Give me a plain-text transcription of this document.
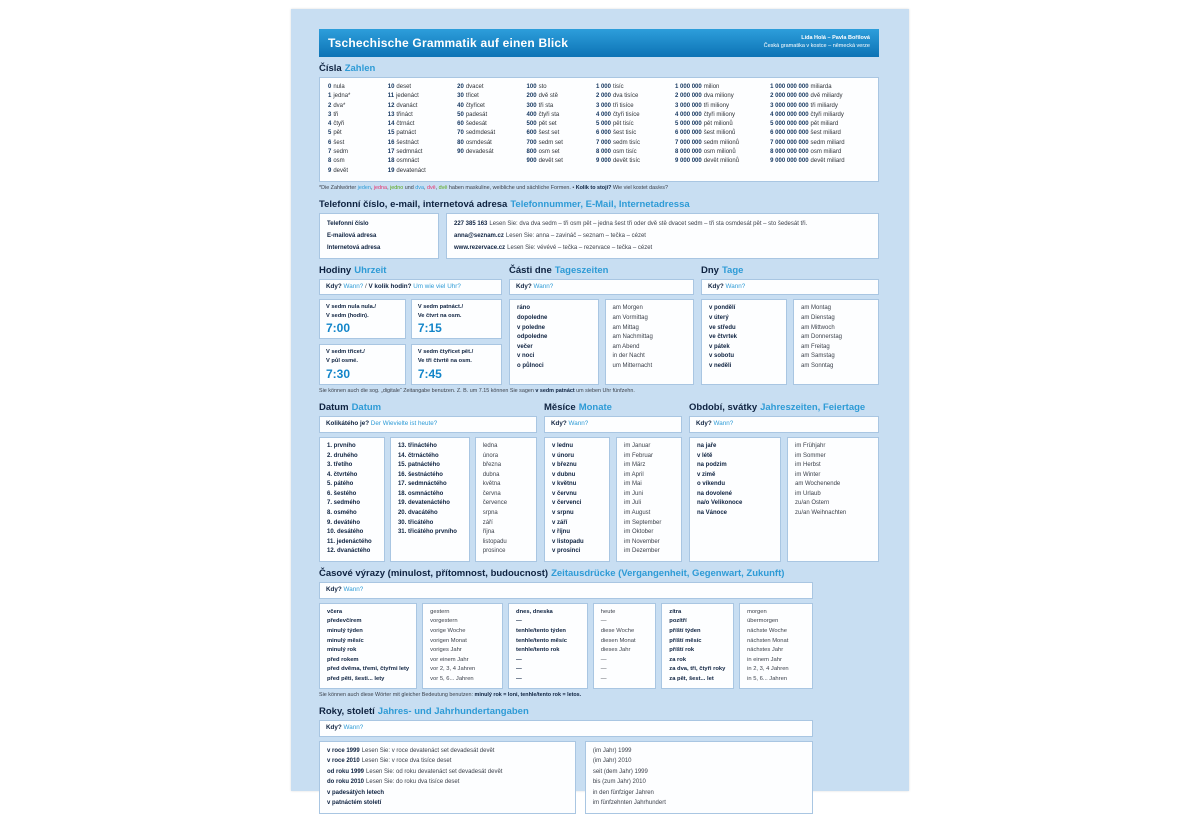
Tschechische Grammatik auf einen Blick	Lída Holá – Pavla Bořilová
Česká gramatika v kostce – německá verze
Čísla Zahlen
0 nula
1 jedna*
2 dva*
3 tři
4 čtyři
5 pět
6 šest
7 sedm
8 osm
9 devět
10 deset
11 jedenáct
12 dvanáct
13 třináct
14 čtrnáct
15 patnáct
16 šestnáct
17 sedmnáct
18 osmnáct
19 devatenáct
20 dvacet
30 třicet
40 čtyřicet
50 padesát
60 šedesát
70 sedmdesát
80 osmdesát
90 devadesát
100 sto
200 dvě stě
300 tři sta
400 čtyři sta
500 pět set
600 šest set
700 sedm set
800 osm set
900 devět set
1 000 tisíc
2 000 dva tisíce
3 000 tři tisíce
4 000 čtyři tisíce
5 000 pět tisíc
6 000 šest tisíc
7 000 sedm tisíc
8 000 osm tisíc
9 000 devět tisíc
1 000 000 milion
2 000 000 dva miliony
3 000 000 tři miliony
4 000 000 čtyři miliony
5 000 000 pět milionů
6 000 000 šest milionů
7 000 000 sedm milionů
8 000 000 osm milionů
9 000 000 devět milionů
1 000 000 000 miliarda
2 000 000 000 dvě miliardy
3 000 000 000 tři miliardy
4 000 000 000 čtyři miliardy
5 000 000 000 pět miliard
6 000 000 000 šest miliard
7 000 000 000 sedm miliard
8 000 000 000 osm miliard
9 000 000 000 devět miliard
*Die Zahlwörter jeden, jedna, jedno und dva, dvě, dvě haben maskuline, weibliche und sächliche Formen. • Kolik to stojí? Wie viel kostet das/es?
Telefonní číslo, e-mail, internetová adresa Telefonnummer, E-Mail, Internetadressa
Telefonní číslo
E-mailová adresa
Internetová adresa
227 385 163 Lesen Sie: dva dva sedm – tři osm pět – jedna šest tři oder dvě stě dvacet sedm – tři sta osmdesát pět – sto šedesát tři.
anna@seznam.cz Lesen Sie: anna – zavináč – seznam – tečka – cézet
www.rezervace.cz Lesen Sie: vévévé – tečka – rezervace – tečka – cézet
Hodiny Uhrzeit
Kdy? Wann? / V kolik hodin? Um wie viel Uhr?
V sedm nula nula./
V sedm (hodin).
7:00
V sedm patnáct./
Ve čtvrt na osm.
7:15
V sedm třicet./
V půl osmé.
7:30
V sedm čtyřicet pět./
Ve tři čtvrtě na osm.
7:45
Části dne Tageszeiten
Kdy? Wann?
ráno
dopoledne
v poledne
odpoledne
večer
v noci
o půlnoci
am Morgen
am Vormittag
am Mittag
am Nachmittag
am Abend
in der Nacht
um Mitternacht
Dny Tage
Kdy? Wann?
v pondělí
v úterý
ve středu
ve čtvrtek
v pátek
v sobotu
v neděli
am Montag
am Dienstag
am Mittwoch
am Donnerstag
am Freitag
am Samstag
am Sonntag
Sie können auch die sog. „digitale“ Zeitangabe benutzen. Z. B. um 7.15 können Sie sagen v sedm patnáct um sieben Uhr fünfzehn.
Datum Datum
Kolikátého je? Der Wievielte ist heute?
1. prvního
2. druhého
3. třetího
4. čtvrtého
5. pátého
6. šestého
7. sedmého
8. osmého
9. devátého
10. desátého
11. jedenáctého
12. dvanáctého
13. třináctého
14. čtrnáctého
15. patnáctého
16. šestnáctého
17. sedmnáctého
18. osmnáctého
19. devatenáctého
20. dvacátého
30. třicátého
31. třicátého prvního
ledna
února
března
dubna
května
června
července
srpna
září
října
listopadu
prosince
Měsíce Monate
Kdy? Wann?
v lednu
v únoru
v březnu
v dubnu
v květnu
v červnu
v červenci
v srpnu
v září
v říjnu
v listopadu
v prosinci
im Januar
im Februar
im März
im April
im Mai
im Juni
im Juli
im August
im September
im Oktober
im November
im Dezember
Období, svátky Jahreszeiten, Feiertage
Kdy? Wann?
na jaře
v létě
na podzim
v zimě
o víkendu
na dovolené
na/o Velikonoce
na Vánoce
im Frühjahr
im Sommer
im Herbst
im Winter
am Wochenende
im Urlaub
zu/an Ostern
zu/an Weihnachten
Časové výrazy (minulost, přítomnost, budoucnost) Zeitausdrücke (Vergangenheit, Gegenwart, Zukunft)
Kdy? Wann?
včera
předevčírem
minulý týden
minulý měsíc
minulý rok
před rokem
před dvěma, třemi, čtyřmi lety
před pěti, šesti... lety
gestern
vorgestern
vorige Woche
vorigen Monat
voriges Jahr
vor einem Jahr
vor 2, 3, 4 Jahren
vor 5, 6... Jahren
dnes, dneska
—
tenhle/tento týden
tenhle/tento měsíc
tenhle/tento rok
—
—
—
heute
—
diese Woche
diesen Monat
dieses Jahr
—
—
—
zítra
pozítří
příští týden
příští měsíc
příští rok
za rok
za dva, tři, čtyři roky
za pět, šest... let
morgen
übermorgen
nächste Woche
nächsten Monat
nächstes Jahr
in einem Jahr
in 2, 3, 4 Jahren
in 5, 6... Jahren
Sie können auch diese Wörter mit gleicher Bedeutung benutzen: minulý rok = loni, tenhle/tento rok = letos.
Roky, století Jahres- und Jahrhundertangaben
Kdy? Wann?
v roce 1999 Lesen Sie: v roce devatenáct set devadesát devět
v roce 2010 Lesen Sie: v roce dva tisíce deset
od roku 1999 Lesen Sie: od roku devatenáct set devadesát devět
do roku 2010 Lesen Sie: do roku dva tisíce deset
v padesátých letech
v patnáctém století
(im Jahr) 1999
(im Jahr) 2010
seit (dem Jahr) 1999
bis (zum Jahr) 2010
in den fünfziger Jahren
im fünfzehnten Jahrhundert
